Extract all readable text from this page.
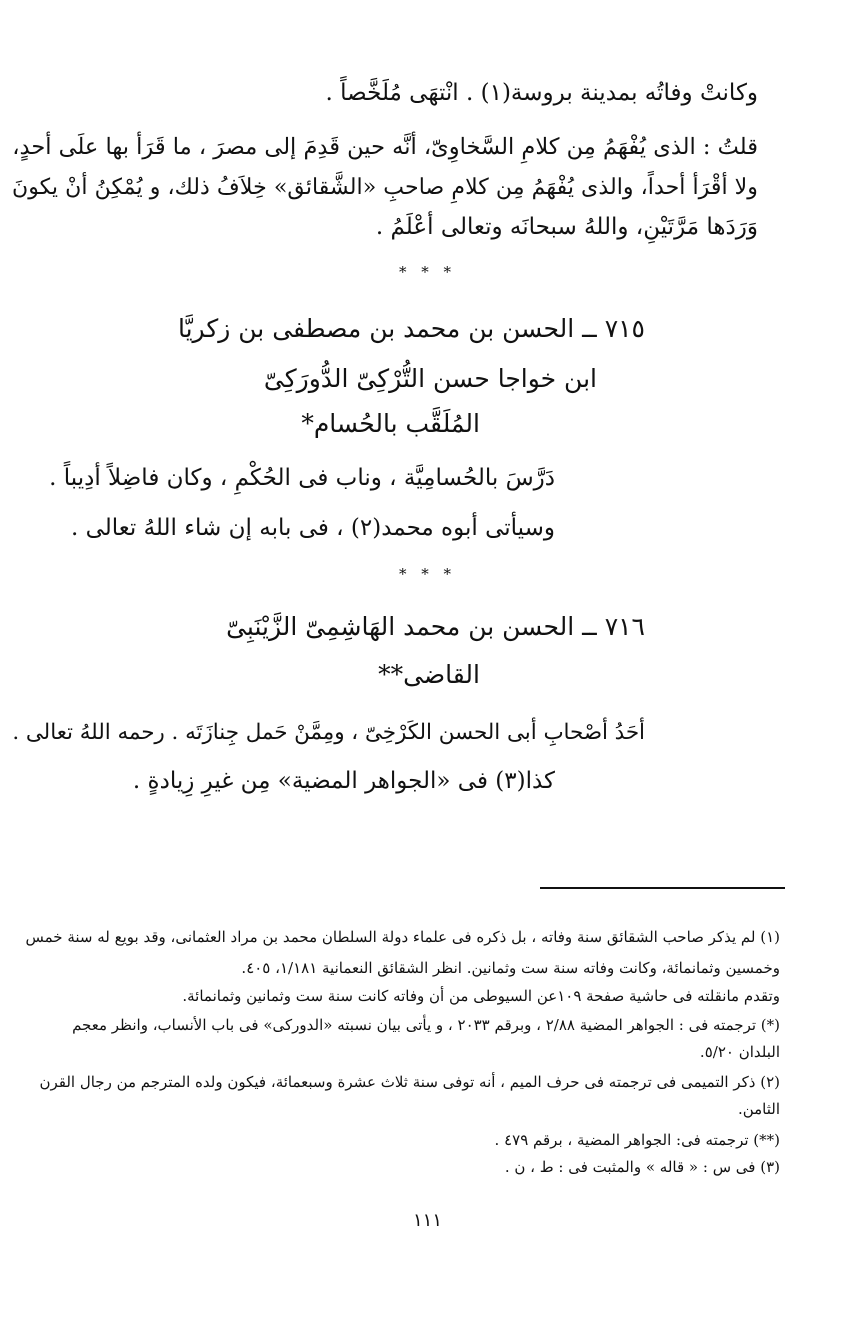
وكانتْ وفاتُه بمدينة بروسة(١) . انْتهَى مُلَخَّصاً .

قلتُ : الذى يُفْهَمُ مِن كلامِ السَّخاوِىّ، أنَّه حين قَدِمَ إلى مصرَ ، ما قَرَأ بها علَى أحدٍ،

ولا أقْرَأ أحداً، والذى يُفْهَمُ مِن كلامِ صاحبِ «الشَّقائق» خِلاَفُ ذلك، و يُمْكِنُ أنْ يكونَ

وَرَدَها مَرَّتَيْنِ، واللهُ سبحانَه وتعالى أعْلَمُ .

* * *

٧١٥ ــ الحسن بن محمد بن مصطفى بن زكريَّا

ابن خواجا حسن التُّرْكِىّ الدُّورَكِىّ

المُلَقَّب بالحُسام*

دَرَّسَ بالحُسامِيَّة ، وناب فى الحُكْمِ ، وكان فاضِلاً أدِيباً .

وسيأتى أبوه محمد(٢) ، فى بابه إن شاء اللهُ تعالى .

* * *

٧١٦ ــ الحسن بن محمد الهَاشِمِىّ الزَّيْنَبِىّ

القاضى**

أحَدُ أصْحابِ أبى الحسن الكَرْخِىّ ، ومِمَّنْ حَمل جِنازَتَه . رحمه اللهُ تعالى .

كذا(٣) فى «الجواهر المضية» مِن غيرِ زِيادةٍ .

(١) لم يذكر صاحب الشقائق سنة وفاته ، بل ذكره فى علماء دولة السلطان محمد بن مراد العثمانى، وقد بويع له سنة خمس

وخمسين وثمانمائة، وكانت وفاته سنة ست وثمانين. انظر الشقائق النعمانية ١/١٨١، ٤٠٥.

وتقدم مانقلته فى حاشية صفحة ١٠٩عن السيوطى من أن وفاته كانت سنة ست وثمانين وثمانمائة.

(*) ترجمته فى : الجواهر المضية ٢/٨٨ ، وبرقم ٢٠٣٣ ، و يأتى بيان نسبته «الدوركى» فى باب الأنساب، وانظر معجم

البلدان ٥/٢٠.

(٢) ذكر التميمى فى ترجمته فى حرف الميم ، أنه توفى سنة ثلاث عشرة وسبعمائة، فيكون ولده المترجم من رجال القرن

الثامن.

(**) ترجمته فى: الجواهر المضية ، برقم ٤٧٩ .

(٣) فى س : « قاله » والمثبت فى : ط ، ن .

١١١
